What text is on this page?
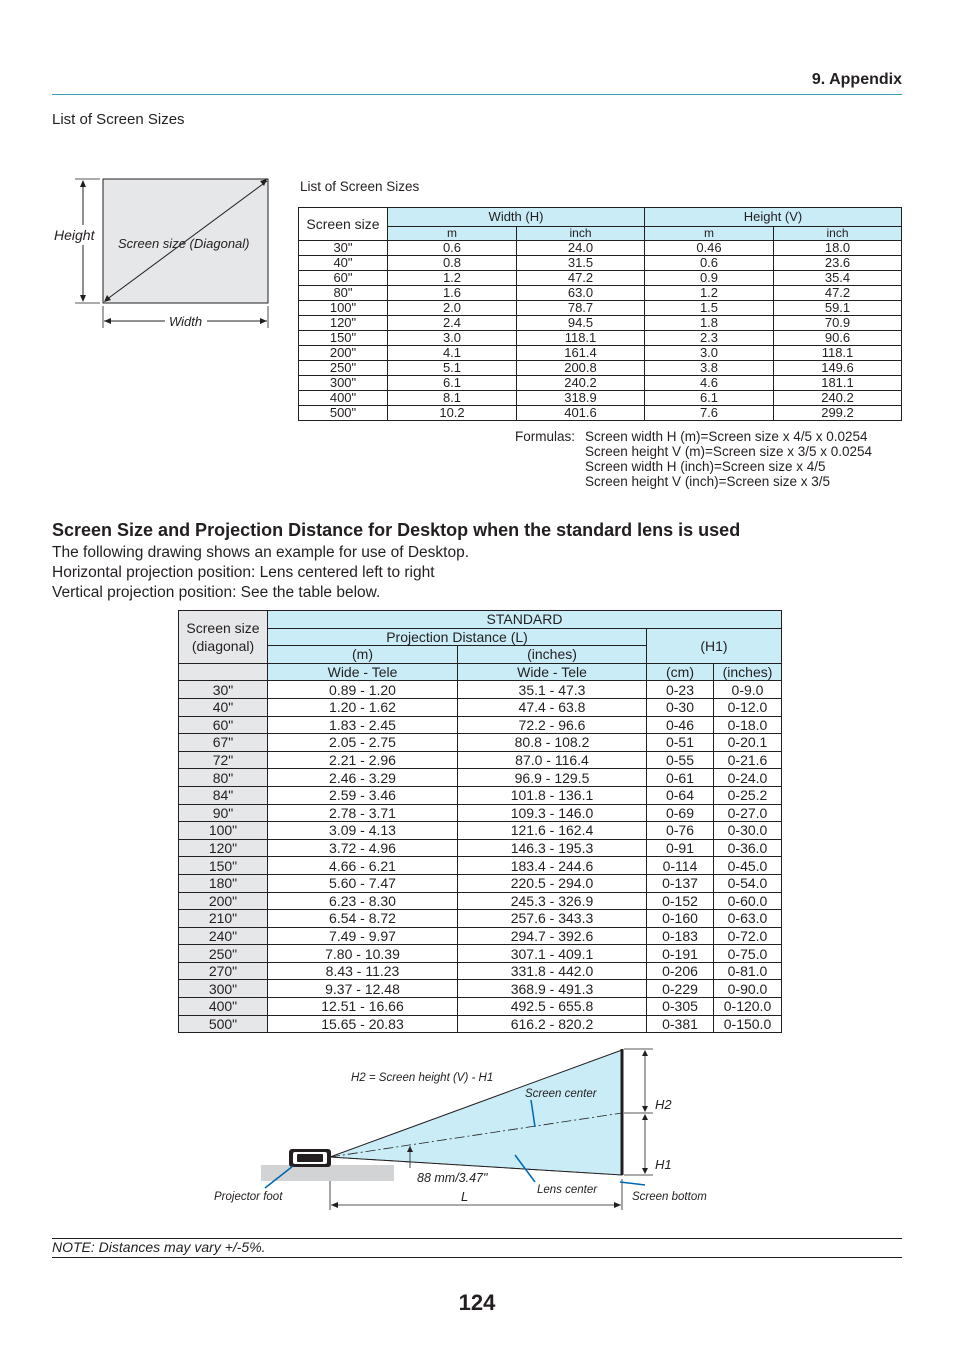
9. Appendix
List of Screen Sizes
Height
Screen size (Diagonal)
Width
List of Screen Sizes
Screen size	Width (H)		Height (V)	
	m	inch	m	inch
30"	0.6	24.0	0.46	18.0
40"	0.8	31.5	0.6	23.6
60"	1.2	47.2	0.9	35.4
80"	1.6	63.0	1.2	47.2
100"	2.0	78.7	1.5	59.1
120"	2.4	94.5	1.8	70.9
150"	3.0	118.1	2.3	90.6
200"	4.1	161.4	3.0	118.1
250"	5.1	200.8	3.8	149.6
300"	6.1	240.2	4.6	181.1
400"	8.1	318.9	6.1	240.2
500"	10.2	401.6	7.6	299.2
Formulas: Screen width H (m)=Screen size x 4/5 x 0.0254
Screen height V (m)=Screen size x 3/5 x 0.0254
Screen width H (inch)=Screen size x 4/5
Screen height V (inch)=Screen size x 3/5
Screen Size and Projection Distance for Desktop when the standard lens is used
The following drawing shows an example for use of Desktop.
Horizontal projection position: Lens centered left to right
Vertical projection position: See the table below.
Screen size
(diagonal)	STANDARD			
	Projection Distance (L)		(H1)	
	(m)	(inches)		
	Wide - Tele	Wide - Tele	(cm)	(inches)
30"	0.89 - 1.20	35.1 - 47.3	0-23	0-9.0
40"	1.20 - 1.62	47.4 - 63.8	0-30	0-12.0
60"	1.83 - 2.45	72.2 - 96.6	0-46	0-18.0
67"	2.05 - 2.75	80.8 - 108.2	0-51	0-20.1
72"	2.21 - 2.96	87.0 - 116.4	0-55	0-21.6
80"	2.46 - 3.29	96.9 - 129.5	0-61	0-24.0
84"	2.59 - 3.46	101.8 - 136.1	0-64	0-25.2
90"	2.78 - 3.71	109.3 - 146.0	0-69	0-27.0
100"	3.09 - 4.13	121.6 - 162.4	0-76	0-30.0
120"	3.72 - 4.96	146.3 - 195.3	0-91	0-36.0
150"	4.66 - 6.21	183.4 - 244.6	0-114	0-45.0
180"	5.60 - 7.47	220.5 - 294.0	0-137	0-54.0
200"	6.23 - 8.30	245.3 - 326.9	0-152	0-60.0
210"	6.54 - 8.72	257.6 - 343.3	0-160	0-63.0
240"	7.49 - 9.97	294.7 - 392.6	0-183	0-72.0
250"	7.80 - 10.39	307.1 - 409.1	0-191	0-75.0
270"	8.43 - 11.23	331.8 - 442.0	0-206	0-81.0
300"	9.37 - 12.48	368.9 - 491.3	0-229	0-90.0
400"	12.51 - 16.66	492.5 - 655.8	0-305	0-120.0
500"	15.65 - 20.83	616.2 - 820.2	0-381	0-150.0
H2 = Screen height (V) - H1
Screen center
H2
H1
88 mm/3.47"
L	Lens center
Projector foot	Screen bottom
NOTE: Distances may vary +/-5%.
124
